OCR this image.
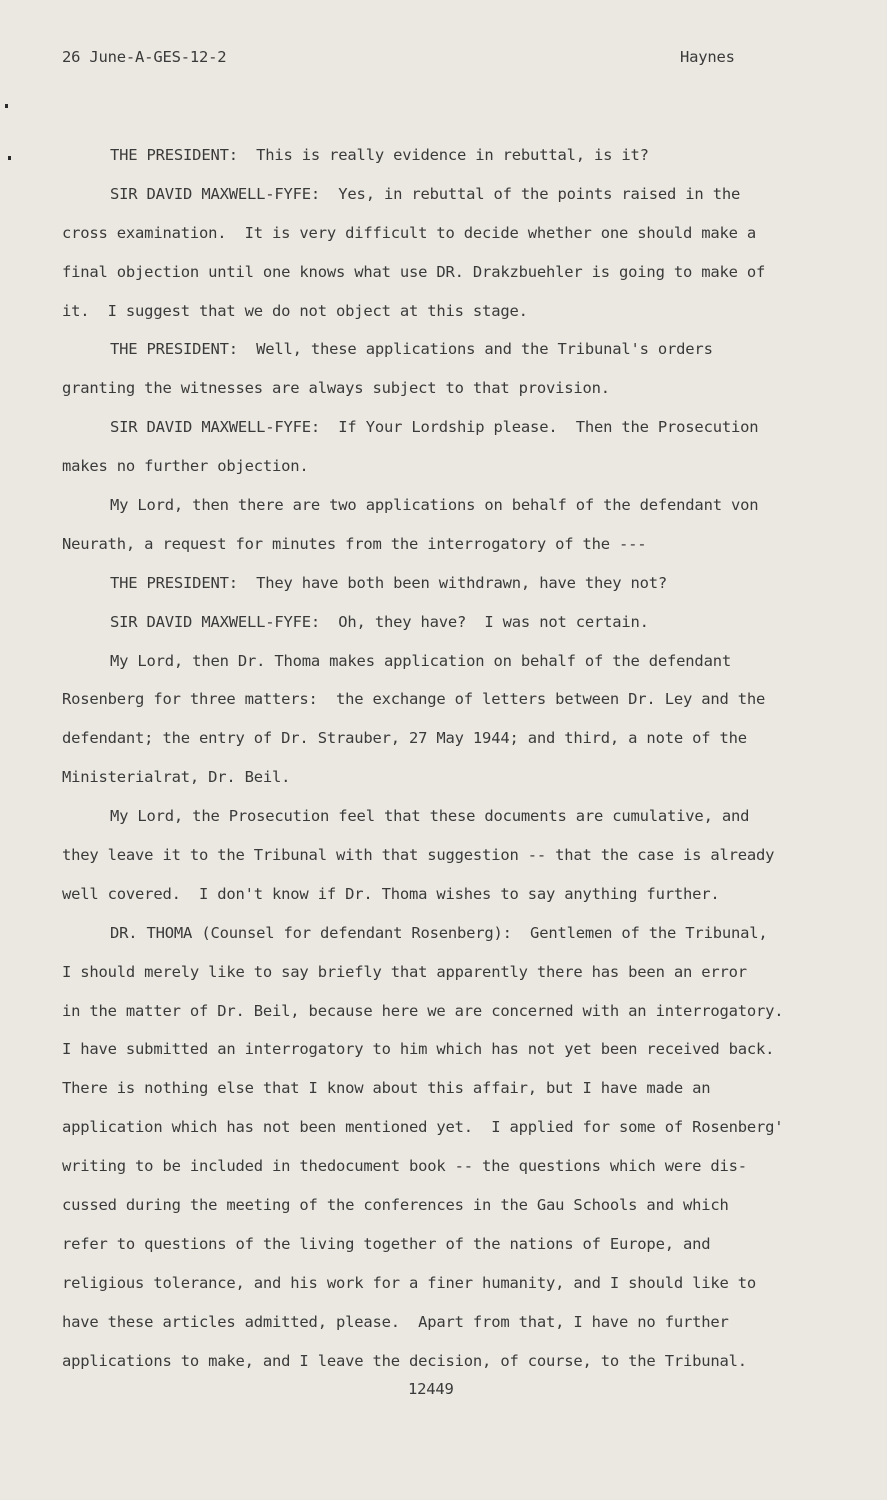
26 June-A-GES-12-2	Haynes
THE PRESIDENT:  This is really evidence in rebuttal, is it?
SIR DAVID MAXWELL-FYFE:  Yes, in rebuttal of the points raised in the
cross examination.  It is very difficult to decide whether one should make a
final objection until one knows what use DR. Drakzbuehler is going to make of
it.  I suggest that we do not object at this stage.
THE PRESIDENT:  Well, these applications and the Tribunal's orders
granting the witnesses are always subject to that provision.
SIR DAVID MAXWELL-FYFE:  If Your Lordship please.  Then the Prosecution
makes no further objection.
My Lord, then there are two applications on behalf of the defendant von
Neurath, a request for minutes from the interrogatory of the ---
THE PRESIDENT:  They have both been withdrawn, have they not?
SIR DAVID MAXWELL-FYFE:  Oh, they have?  I was not certain.
My Lord, then Dr. Thoma makes application on behalf of the defendant
Rosenberg for three matters:  the exchange of letters between Dr. Ley and the
defendant; the entry of Dr. Strauber, 27 May 1944; and third, a note of the
Ministerialrat, Dr. Beil.
My Lord, the Prosecution feel that these documents are cumulative, and
they leave it to the Tribunal with that suggestion -- that the case is already
well covered.  I don't know if Dr. Thoma wishes to say anything further.
DR. THOMA (Counsel for defendant Rosenberg):  Gentlemen of the Tribunal,
I should merely like to say briefly that apparently there has been an error
in the matter of Dr. Beil, because here we are concerned with an interrogatory.
I have submitted an interrogatory to him which has not yet been received back.
There is nothing else that I know about this affair, but I have made an
application which has not been mentioned yet.  I applied for some of Rosenberg'
writing to be included in thedocument book -- the questions which were dis-
cussed during the meeting of the conferences in the Gau Schools and which
refer to questions of the living together of the nations of Europe, and
religious tolerance, and his work for a finer humanity, and I should like to
have these articles admitted, please.  Apart from that, I have no further
applications to make, and I leave the decision, of course, to the Tribunal.
12449
